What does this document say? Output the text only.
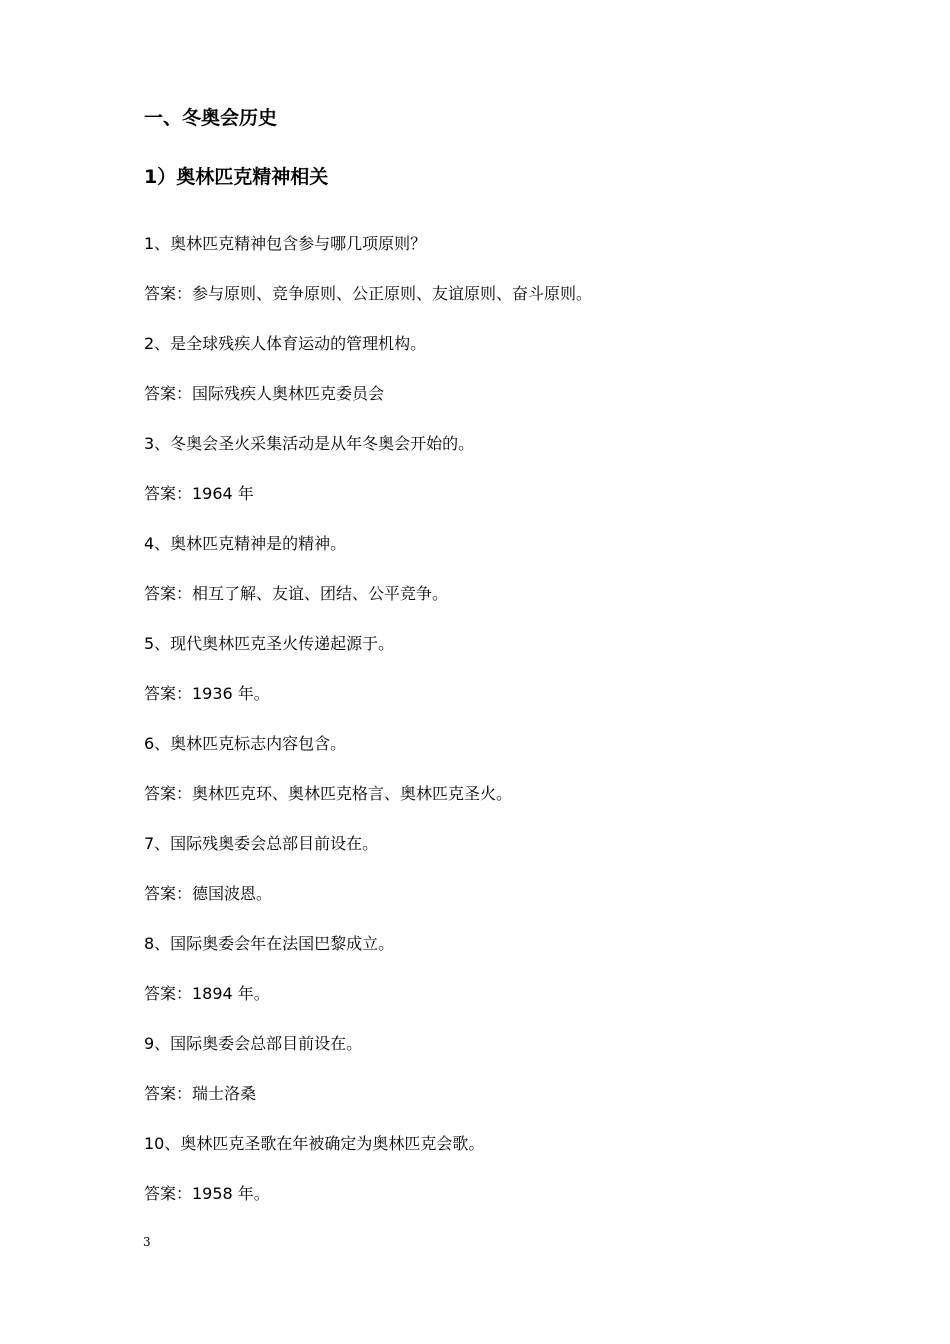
一、冬奥会历史
1）奥林匹克精神相关
1、奥林匹克精神包含参与哪几项原则？
答案：参与原则、竞争原则、公正原则、友谊原则、奋斗原则。
2、是全球残疾人体育运动的管理机构。
答案：国际残疾人奥林匹克委员会
3、冬奥会圣火采集活动是从年冬奥会开始的。
答案：1964 年
4、奥林匹克精神是的精神。
答案：相互了解、友谊、团结、公平竞争。
5、现代奥林匹克圣火传递起源于。
答案：1936 年。
6、奥林匹克标志内容包含。
答案：奥林匹克环、奥林匹克格言、奥林匹克圣火。
7、国际残奥委会总部目前设在。
答案：德国波恩。
8、国际奥委会年在法国巴黎成立。
答案：1894 年。
9、国际奥委会总部目前设在。
答案：瑞士洛桑
10、奥林匹克圣歌在年被确定为奥林匹克会歌。
答案：1958 年。
3
